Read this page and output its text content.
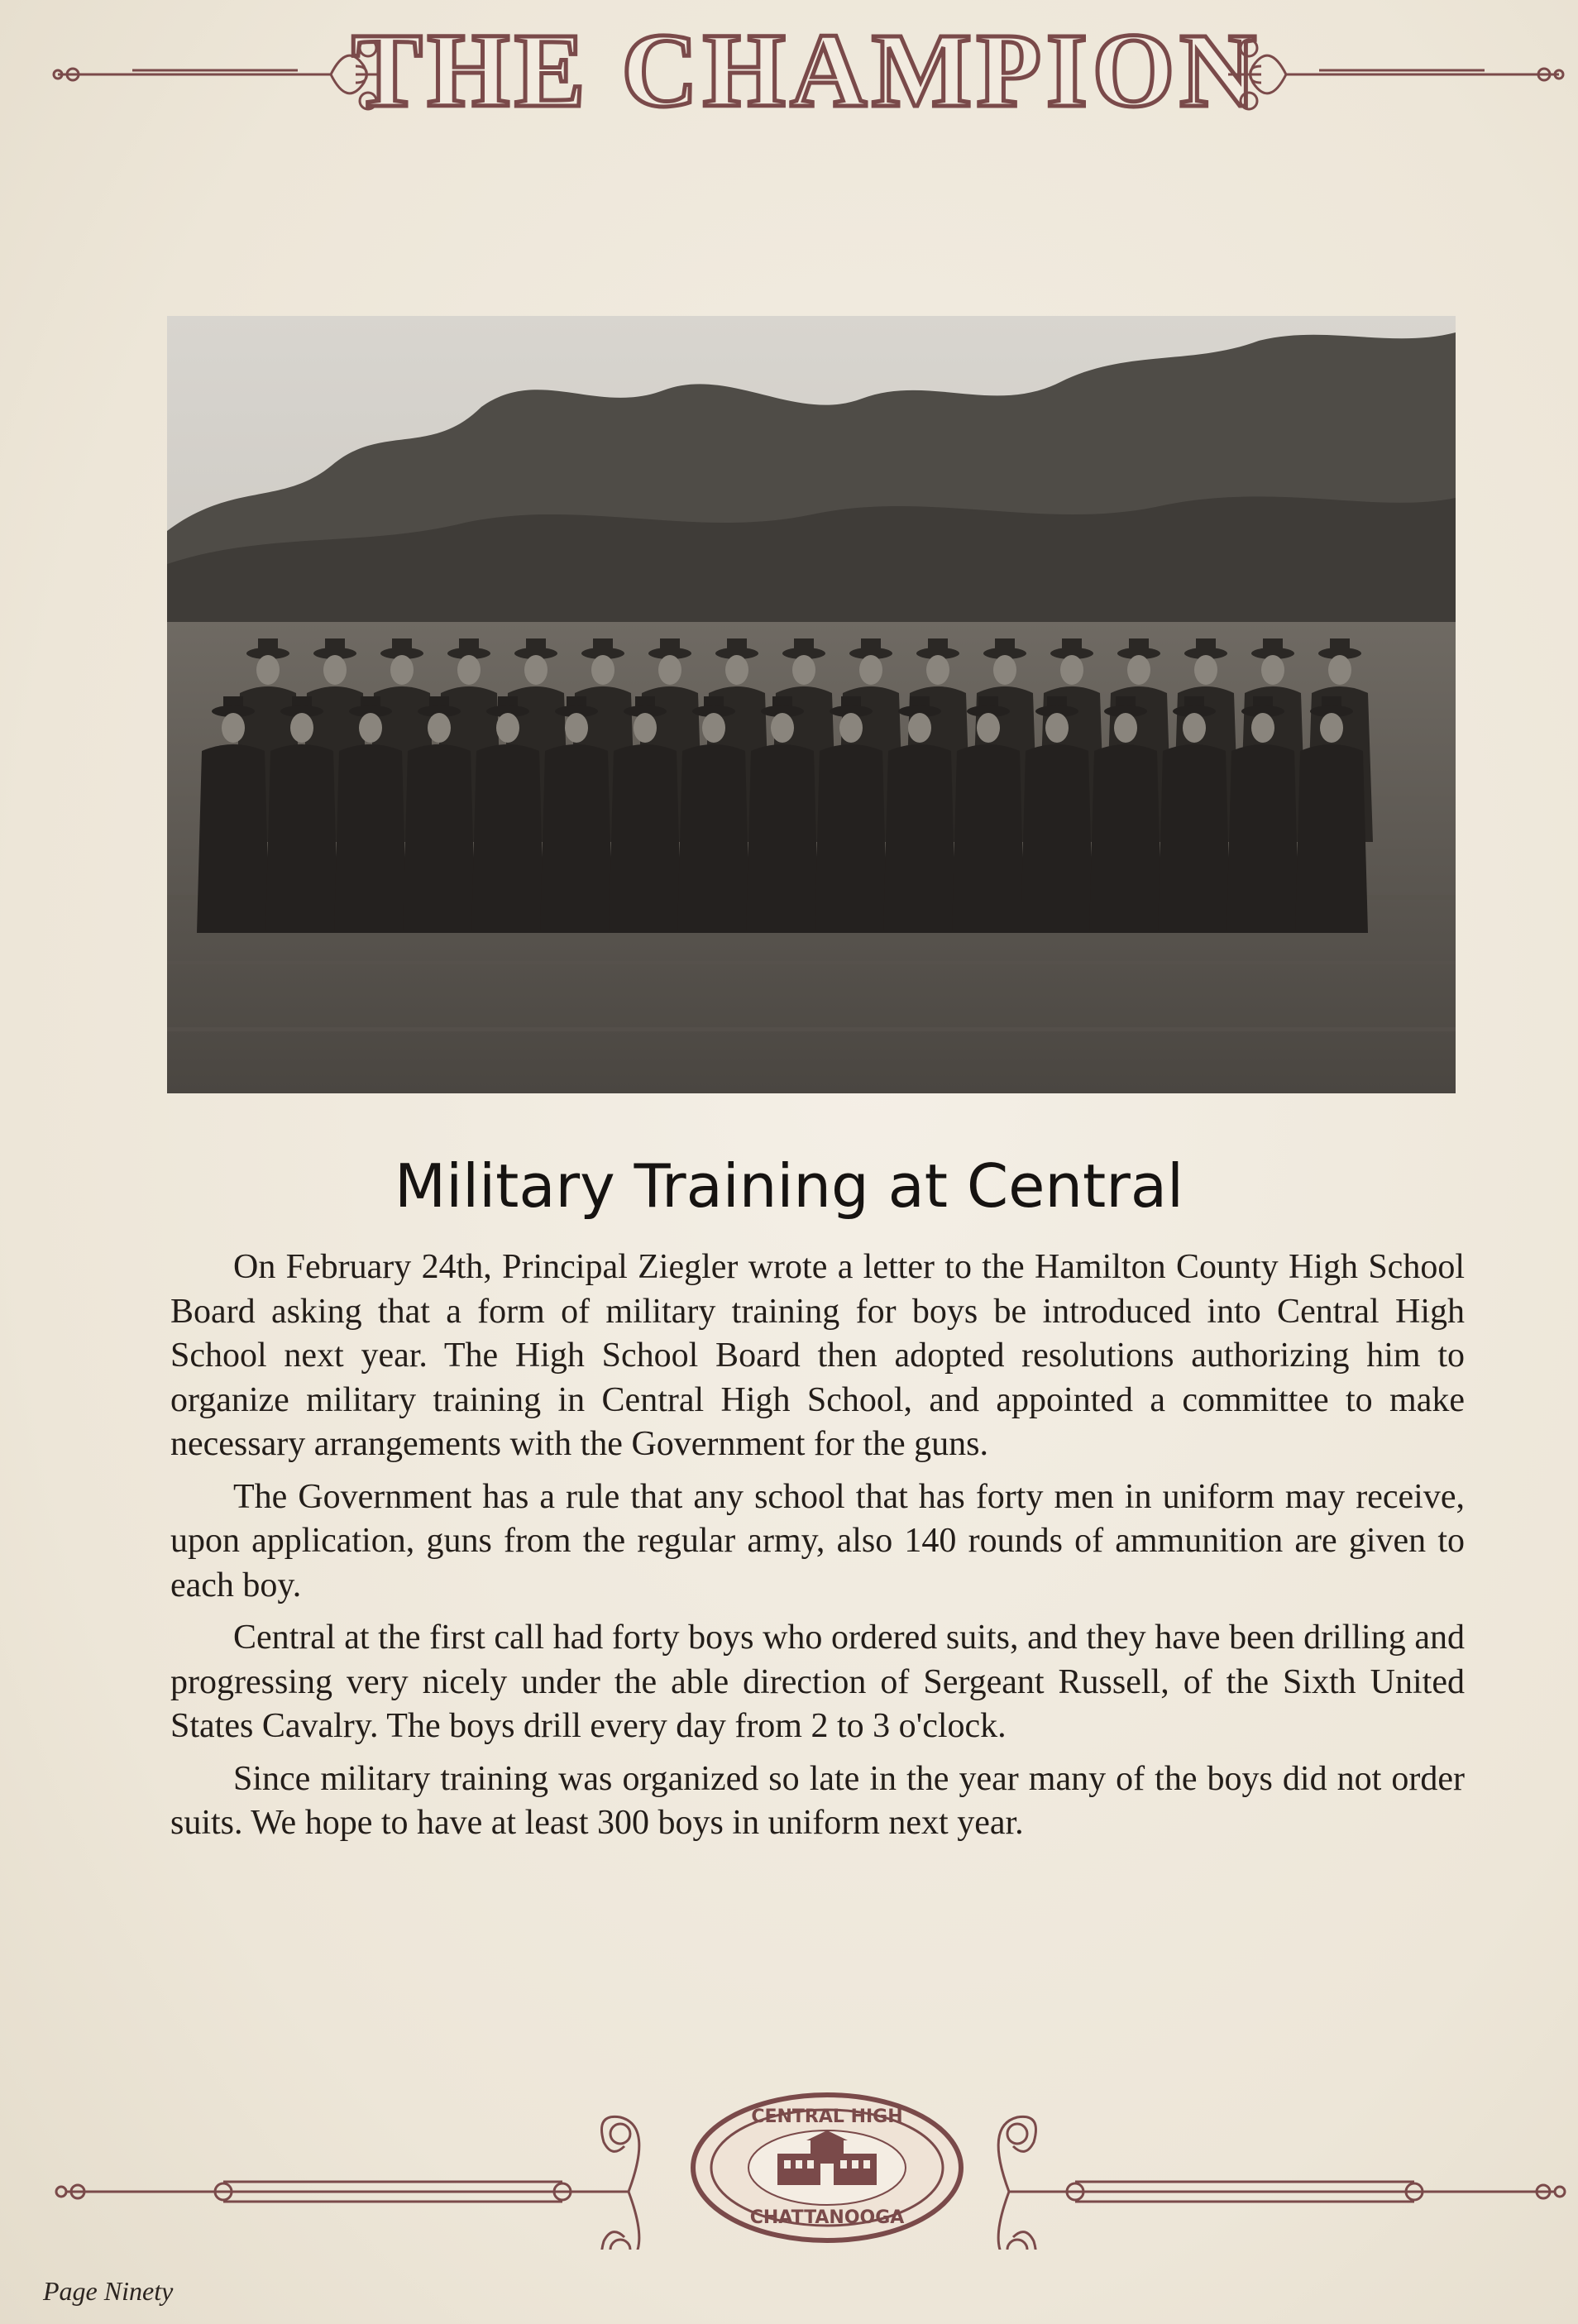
THE CHAMPION
Military Training at Central

On February 24th, Principal Ziegler wrote a letter to the Hamilton County High School Board asking that a form of military training for boys be introduced into Central High School next year. The High School Board then adopted resolutions authorizing him to organize military training in Central High School, and appointed a committee to make necessary arrangements with the Government for the guns.

The Government has a rule that any school that has forty men in uniform may receive, upon application, guns from the regular army, also 140 rounds of ammunition are given to each boy.

Central at the first call had forty boys who ordered suits, and they have been drilling and progressing very nicely under the able direction of Sergeant Russell, of the Sixth United States Cavalry. The boys drill every day from 2 to 3 o'clock.

Since military training was organized so late in the year many of the boys did not order suits. We hope to have at least 300 boys in uniform next year.

CENTRAL HIGH
CHATTANOOGA
Page Ninety
